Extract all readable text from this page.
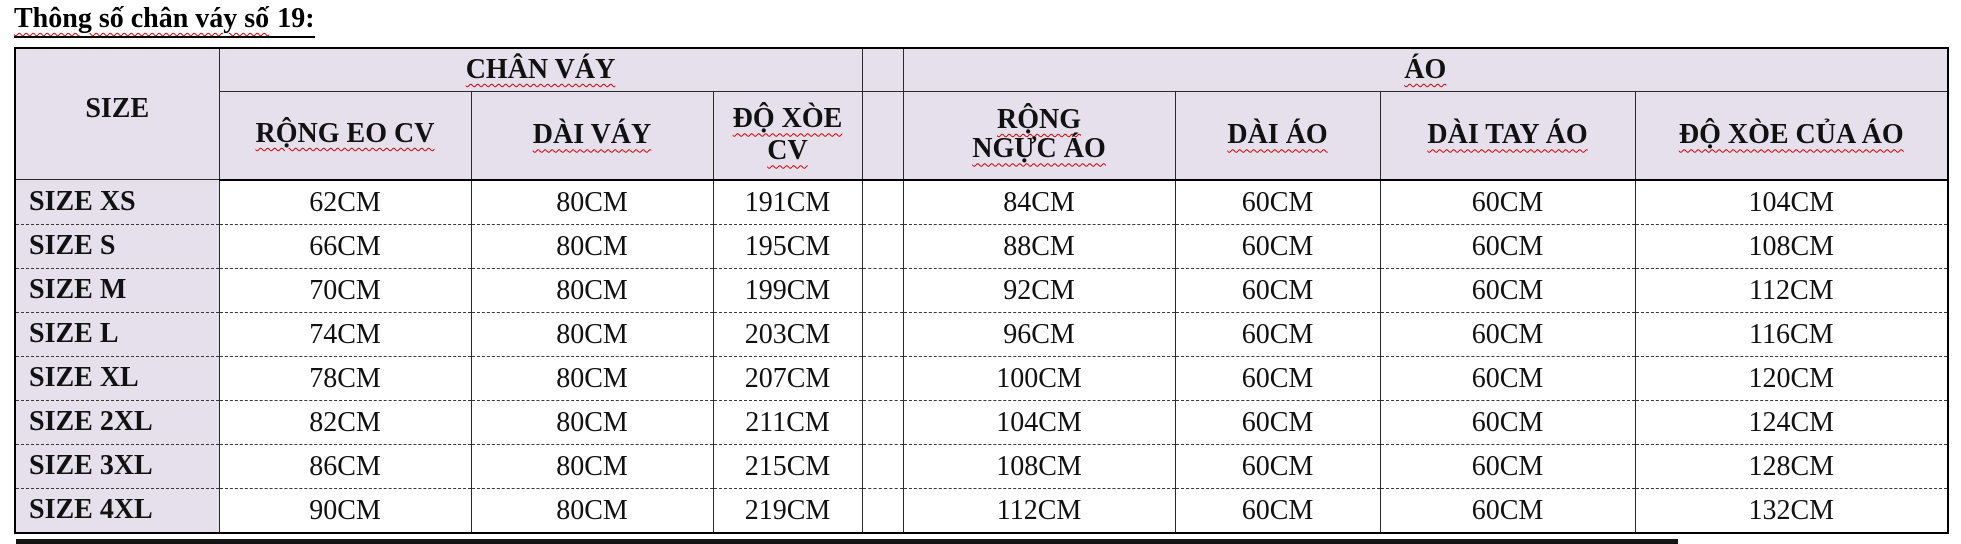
Thông số chân váy số 19:
SIZE	CHÂN VÁY				ÁO			
	RỘNG EO CV	DÀI VÁY	ĐỘ XÒE CV		RỘNG NGỰC ÁO	DÀI ÁO	DÀI TAY ÁO	ĐỘ XÒE CỦA ÁO
SIZE XS	62CM	80CM	191CM		84CM	60CM	60CM	104CM
SIZE S	66CM	80CM	195CM		88CM	60CM	60CM	108CM
SIZE M	70CM	80CM	199CM		92CM	60CM	60CM	112CM
SIZE L	74CM	80CM	203CM		96CM	60CM	60CM	116CM
SIZE XL	78CM	80CM	207CM		100CM	60CM	60CM	120CM
SIZE 2XL	82CM	80CM	211CM		104CM	60CM	60CM	124CM
SIZE 3XL	86CM	80CM	215CM		108CM	60CM	60CM	128CM
SIZE 4XL	90CM	80CM	219CM		112CM	60CM	60CM	132CM
